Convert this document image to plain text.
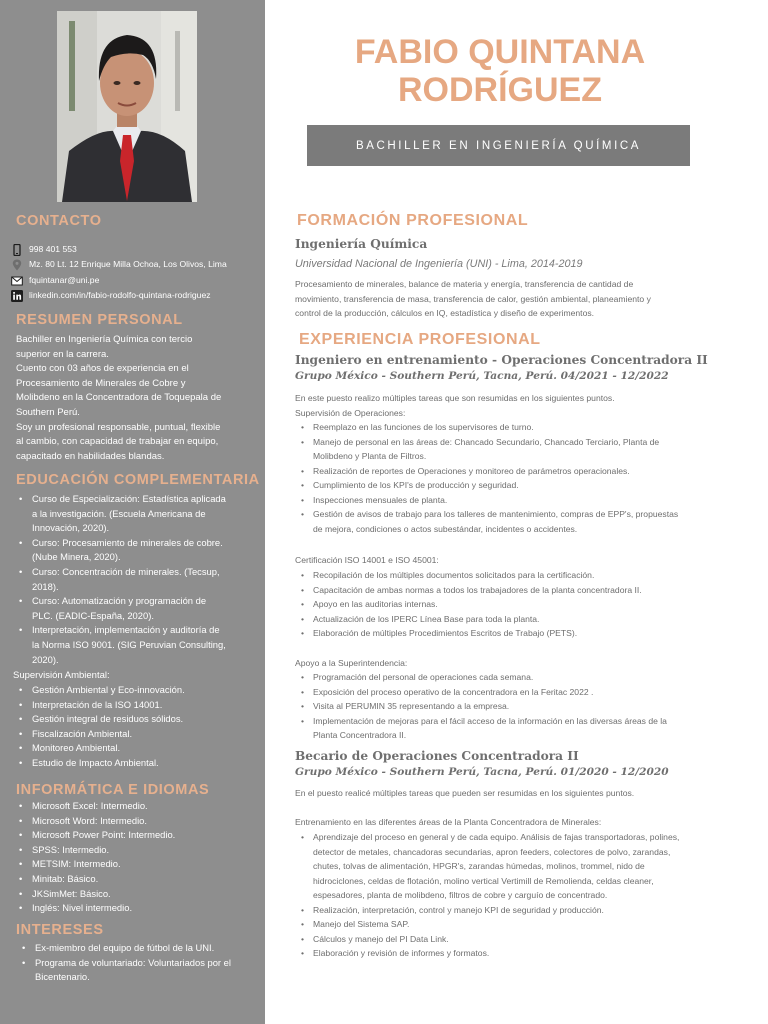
CONTACTO
998 401 553
Mz. 80 Lt. 12 Enrique Milla Ochoa, Los Olivos, Lima
fquintanar@uni.pe
linkedin.com/in/fabio-rodolfo-quintana-rodriguez
RESUMEN PERSONAL
Bachiller en Ingeniería Química con tercio
superior en la carrera.
Cuento con 03 años de experiencia en el
Procesamiento de Minerales de Cobre y
Molibdeno en la Concentradora de Toquepala de
Southern Perú.
Soy un profesional responsable, puntual, flexible
al cambio, con capacidad de trabajar en equipo,
capacitado en habilidades blandas.
EDUCACIÓN COMPLEMENTARIA
• Curso de Especialización: Estadística aplicada
a la investigación. (Escuela Americana de
Innovación, 2020).
• Curso: Procesamiento de minerales de cobre.
(Nube Minera, 2020).
• Curso: Concentración de minerales. (Tecsup,
2018).
• Curso: Automatización y programación de
PLC. (EADIC-España, 2020).
• Interpretación, implementación y auditoría de
la Norma ISO 9001. (SIG Peruvian Consulting,
2020).
Supervisión Ambiental:
• Gestión Ambiental y Eco-innovación.
• Interpretación de la ISO 14001.
• Gestión integral de residuos sólidos.
• Fiscalización Ambiental.
• Monitoreo Ambiental.
• Estudio de Impacto Ambiental.
INFORMÁTICA E IDIOMAS
• Microsoft Excel: Intermedio.
• Microsoft Word: Intermedio.
• Microsoft Power Point: Intermedio.
• SPSS: Intermedio.
• METSIM: Intermedio.
• Minitab: Básico.
• JKSimMet: Básico.
• Inglés: Nivel intermedio.
INTERESES
• Ex-miembro del equipo de fútbol de la UNI.
• Programa de voluntariado: Voluntariados por el
Bicentenario.
FABIO QUINTANA
RODRÍGUEZ
BACHILLER EN INGENIERÍA QUÍMICA
FORMACIÓN PROFESIONAL
Ingeniería Química
Universidad Nacional de Ingeniería (UNI) - Lima, 2014-2019
Procesamiento de minerales, balance de materia y energía, transferencia de cantidad de
movimiento, transferencia de masa, transferencia de calor, gestión ambiental, planeamiento y
control de la producción, cálculos en IQ, estadística y diseño de experimentos.
EXPERIENCIA PROFESIONAL
Ingeniero en entrenamiento - Operaciones Concentradora II
Grupo México - Southern Perú, Tacna, Perú. 04/2021 - 12/2022
En este puesto realizo múltiples tareas que son resumidas en los siguientes puntos.
Supervisión de Operaciones:
• Reemplazo en las funciones de los supervisores de turno.
• Manejo de personal en las áreas de: Chancado Secundario, Chancado Terciario, Planta de
Molibdeno y Planta de Filtros.
• Realización de reportes de Operaciones y monitoreo de parámetros operacionales.
• Cumplimiento de los KPI's de producción y seguridad.
• Inspecciones mensuales de planta.
• Gestión de avisos de trabajo para los talleres de mantenimiento, compras de EPP's, propuestas
de mejora, condiciones o actos subestándar, incidentes o accidentes.
Certificación ISO 14001 e ISO 45001:
• Recopilación de los múltiples documentos solicitados para la certificación.
• Capacitación de ambas normas a todos los trabajadores de la planta concentradora II.
• Apoyo en las auditorias internas.
• Actualización de los IPERC Línea Base para toda la planta.
• Elaboración de múltiples Procedimientos Escritos de Trabajo (PETS).
Apoyo a la Superintendencia:
• Programación del personal de operaciones cada semana.
• Exposición del proceso operativo de la concentradora en la Feritac 2022 .
• Visita al PERUMIN 35 representando a la empresa.
• Implementación de mejoras para el fácil acceso de la información en las diversas áreas de la
Planta Concentradora II.
Becario de Operaciones Concentradora II
Grupo México - Southern Perú, Tacna, Perú. 01/2020 - 12/2020
En el puesto realicé múltiples tareas que pueden ser resumidas en los siguientes puntos.
Entrenamiento en las diferentes áreas de la Planta Concentradora de Minerales:
• Aprendizaje del proceso en general y de cada equipo. Análisis de fajas transportadoras, polines,
detector de metales, chancadoras secundarias, apron feeders, colectores de polvo, zarandas,
chutes, tolvas de alimentación, HPGR's, zarandas húmedas, molinos, trommel, nido de
hidrociclones, celdas de flotación, molino vertical Vertimill de Remolienda, celdas cleaner,
espesadores, planta de molibdeno, filtros de cobre y carguío de concentrado.
• Realización, interpretación, control y manejo KPI de seguridad y producción.
• Manejo del Sistema SAP.
• Cálculos y manejo del PI Data Link.
• Elaboración y revisión de informes y formatos.
